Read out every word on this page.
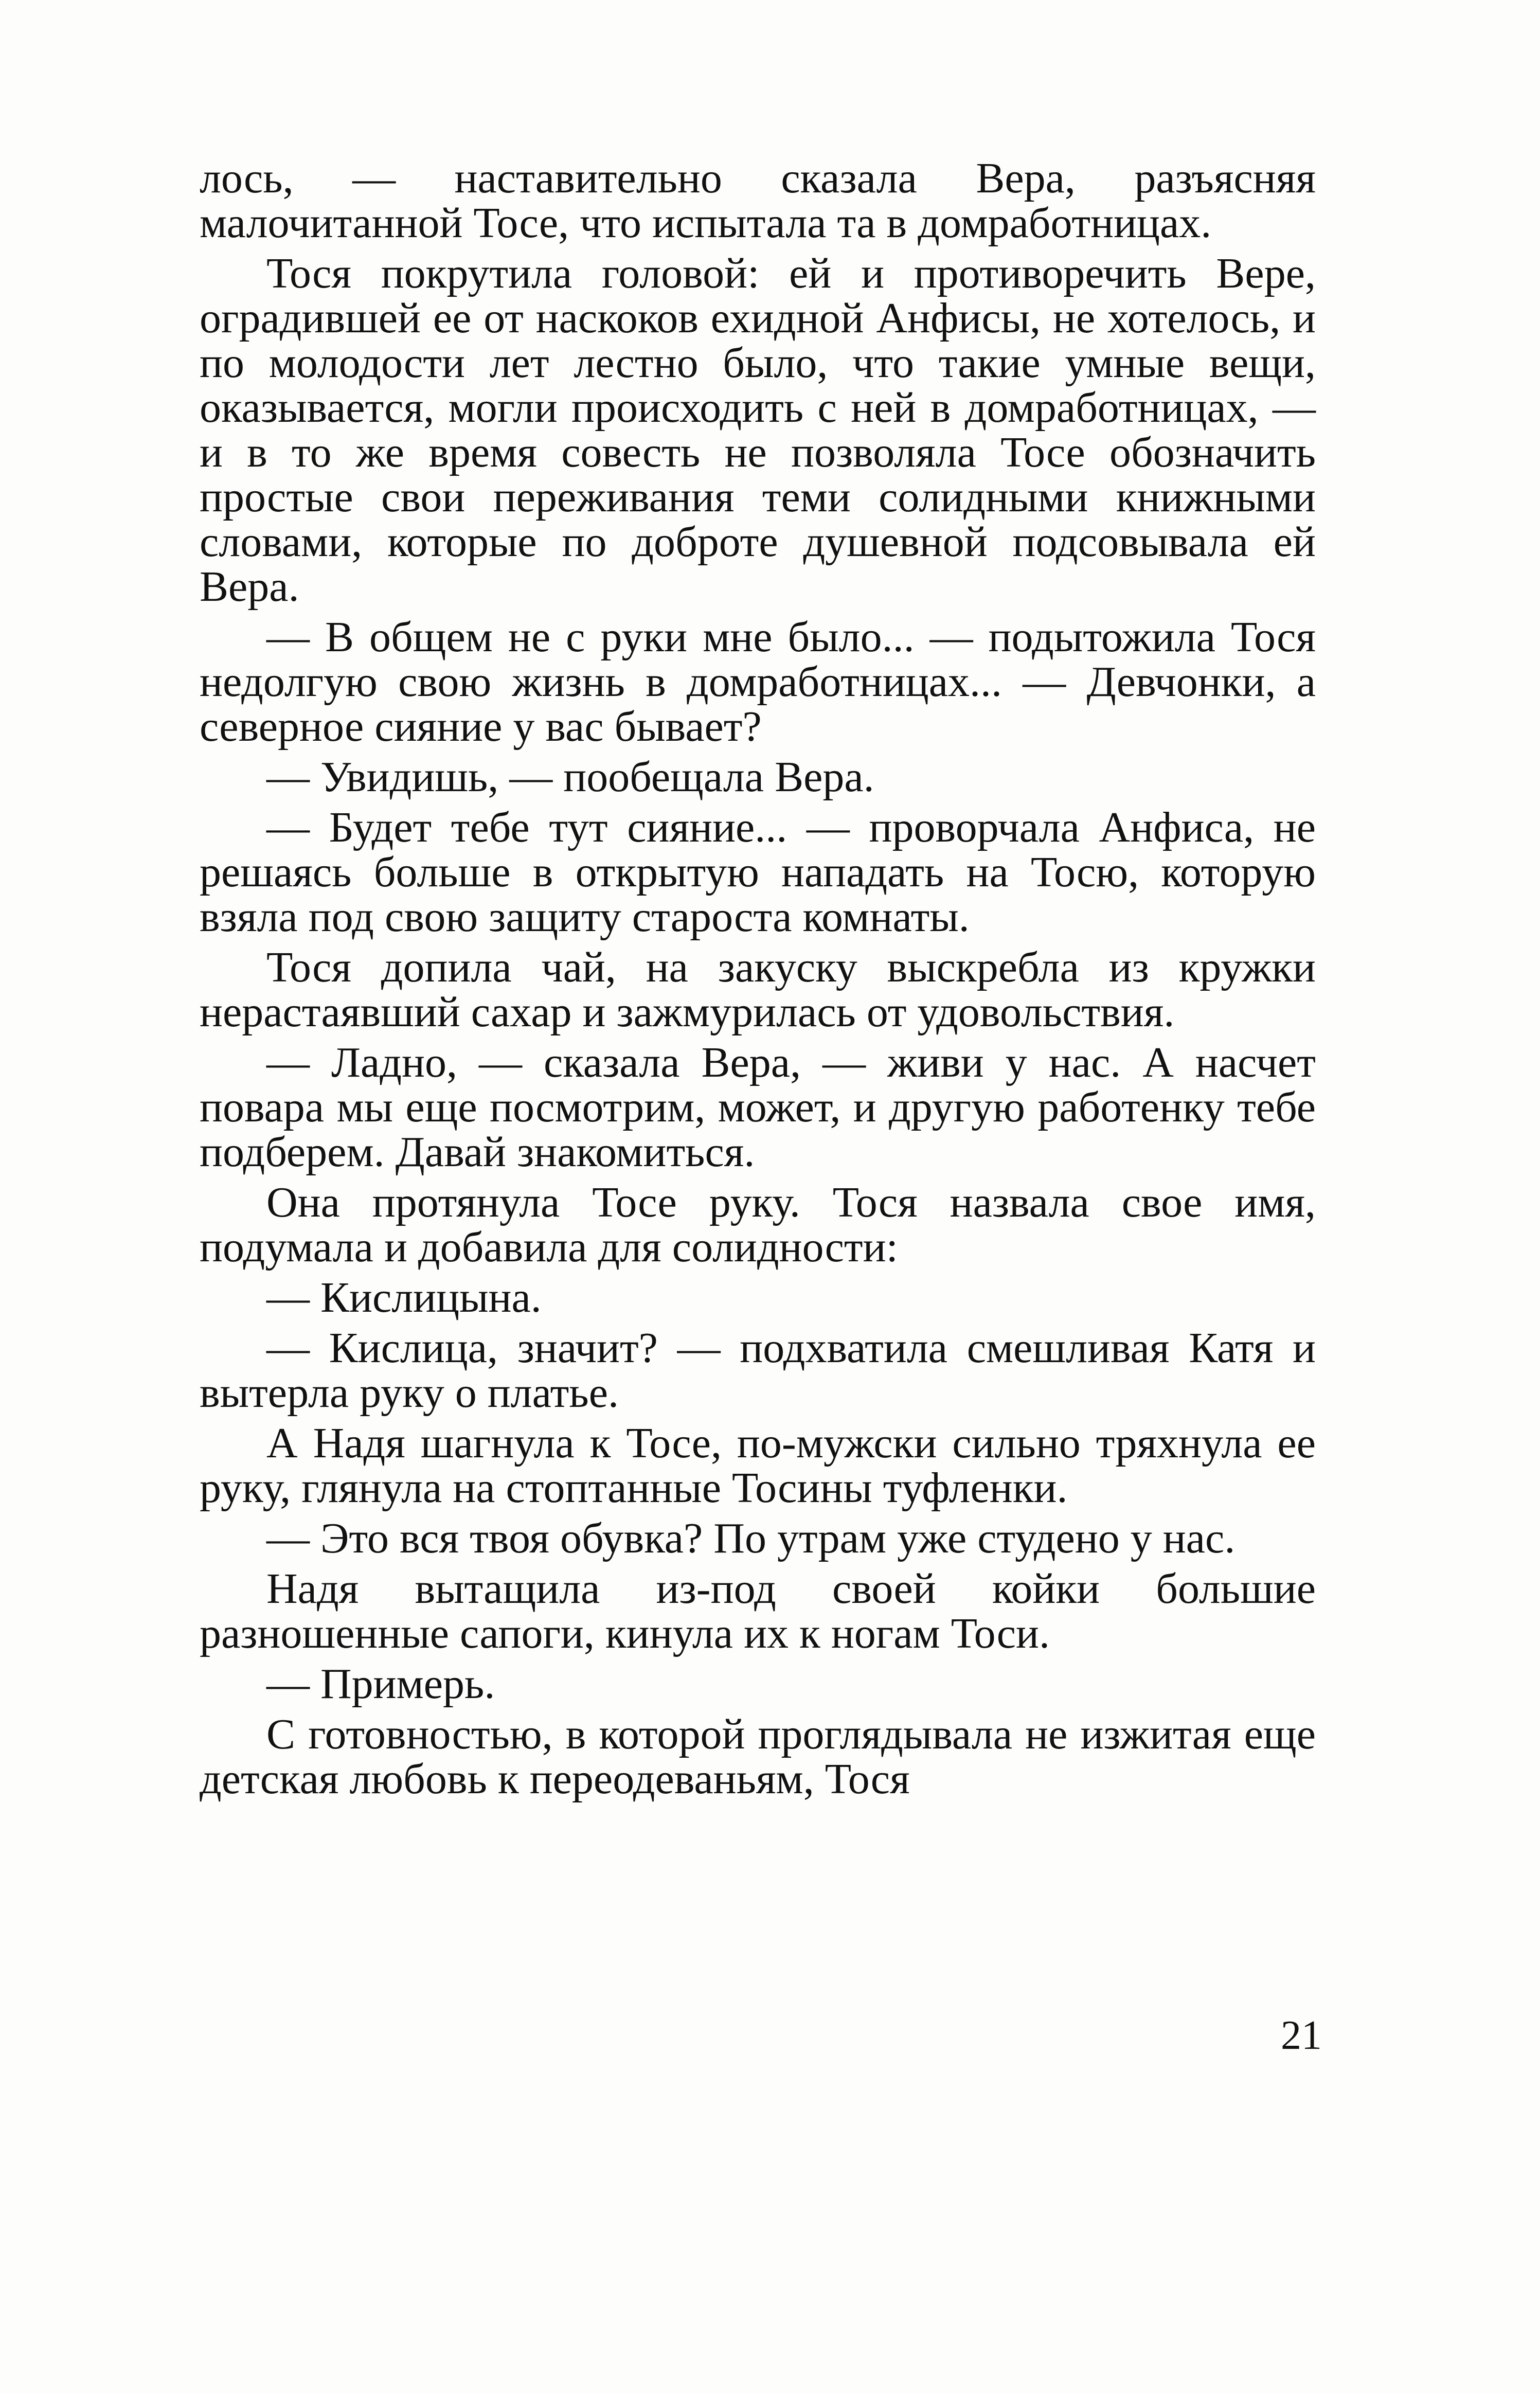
лось, — наставительно сказала Вера, разъясняя малочитанной Тосе, что испытала та в домработницах.

Тося покрутила головой: ей и противоречить Вере, оградившей ее от наскоков ехидной Анфисы, не хотелось, и по молодости лет лестно было, что такие умные вещи, оказывается, могли происходить с ней в домработницах, — и в то же время совесть не позволяла Тосе обозначить простые свои переживания теми солидными книжными словами, которые по доброте душевной подсовывала ей Вера.

— В общем не с руки мне было... — подытожила Тося недолгую свою жизнь в домработницах... — Девчонки, а северное сияние у вас бывает?

— Увидишь, — пообещала Вера.

— Будет тебе тут сияние... — проворчала Анфиса, не решаясь больше в открытую нападать на Тосю, которую взяла под свою защиту староста комнаты.

Тося допила чай, на закуску выскребла из кружки нерастаявший сахар и зажмурилась от удовольствия.

— Ладно, — сказала Вера, — живи у нас. А насчет повара мы еще посмотрим, может, и другую работенку тебе подберем. Давай знакомиться.

Она протянула Тосе руку. Тося назвала свое имя, подумала и добавила для солидности:

— Кислицына.

— Кислица, значит? — подхватила смешливая Катя и вытерла руку о платье.

А Надя шагнула к Тосе, по-мужски сильно тряхнула ее руку, глянула на стоптанные Тосины туфленки.

— Это вся твоя обувка? По утрам уже студено у нас.

Надя вытащила из-под своей койки большие разношенные сапоги, кинула их к ногам Тоси.

— Примерь.

С готовностью, в которой проглядывала не изжитая еще детская любовь к переодеваньям, Тося

21
